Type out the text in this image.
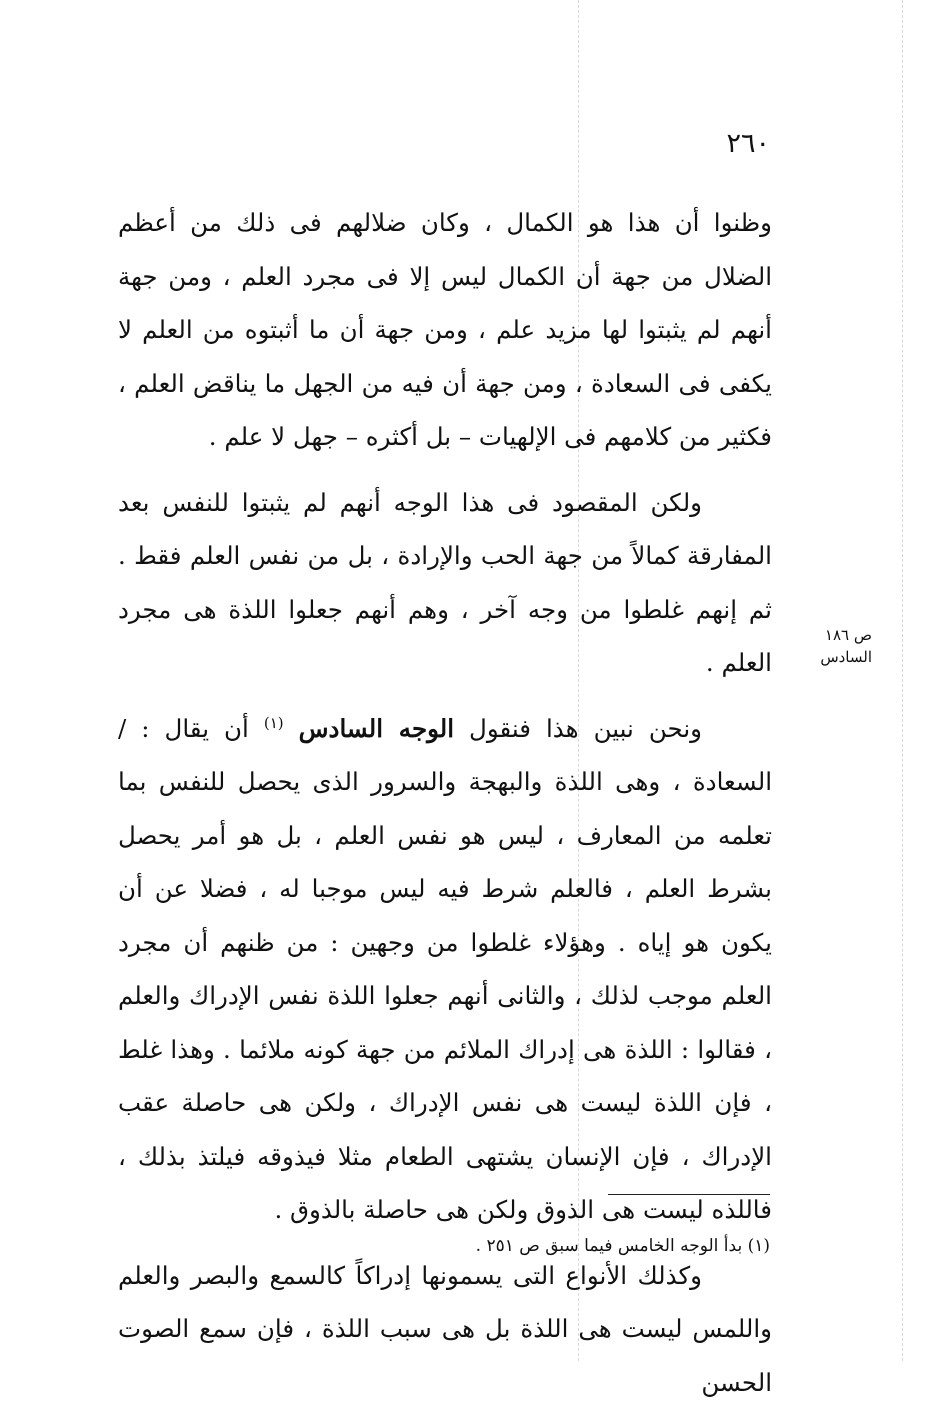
٢٦٠

وظنوا أن هذا هو الكمال ، وكان ضلالهم فى ذلك من أعظم الضلال من جهة أن الكمال ليس إلا فى مجرد العلم ، ومن جهة أنهم لم يثبتوا لها مزيد علم ، ومن جهة أن ما أثبتوه من العلم لا يكفى فى السعادة ، ومن جهة أن فيه من الجهل ما يناقض العلم ، فكثير من كلامهم فى الإلهيات – بل أكثره – جهل لا علم .

ولكن المقصود فى هذا الوجه أنهم لم يثبتوا للنفس بعد المفارقة كمالاً من جهة الحب والإرادة ، بل من نفس العلم فقط . ثم إنهم غلطوا من وجه آخر ، وهم أنهم جعلوا اللذة هى مجرد العلم .

ونحن نبين هذا فنقول الوجه السادس $^{(١)}$ أن يقال : / السعادة ، وهى اللذة والبهجة والسرور الذى يحصل للنفس بما تعلمه من المعارف ، ليس هو نفس العلم ، بل هو أمر يحصل بشرط العلم ، فالعلم شرط فيه ليس موجبا له ، فضلا عن أن يكون هو إياه . وهؤلاء غلطوا من وجهين : من ظنهم أن مجرد العلم موجب لذلك ، والثانى أنهم جعلوا اللذة نفس الإدراك والعلم ، فقالوا : اللذة هى إدراك الملائم من جهة كونه ملائما . وهذا غلط ، فإن اللذة ليست هى نفس الإدراك ، ولكن هى حاصلة عقب الإدراك ، فإن الإنسان يشتهى الطعام مثلا فيذوقه فيلتذ بذلك ، فاللذه ليست هى الذوق ولكن هى حاصلة بالذوق .

وكذلك الأنواع التى يسمونها إدراكاً كالسمع والبصر والعلم واللمس ليست هى اللذة بل هى سبب اللذة ، فإن سمع الصوت الحسن

ص ١٨٦
السادس
(١) بدأ الوجه الخامس فيما سبق ص ٢٥١ .
